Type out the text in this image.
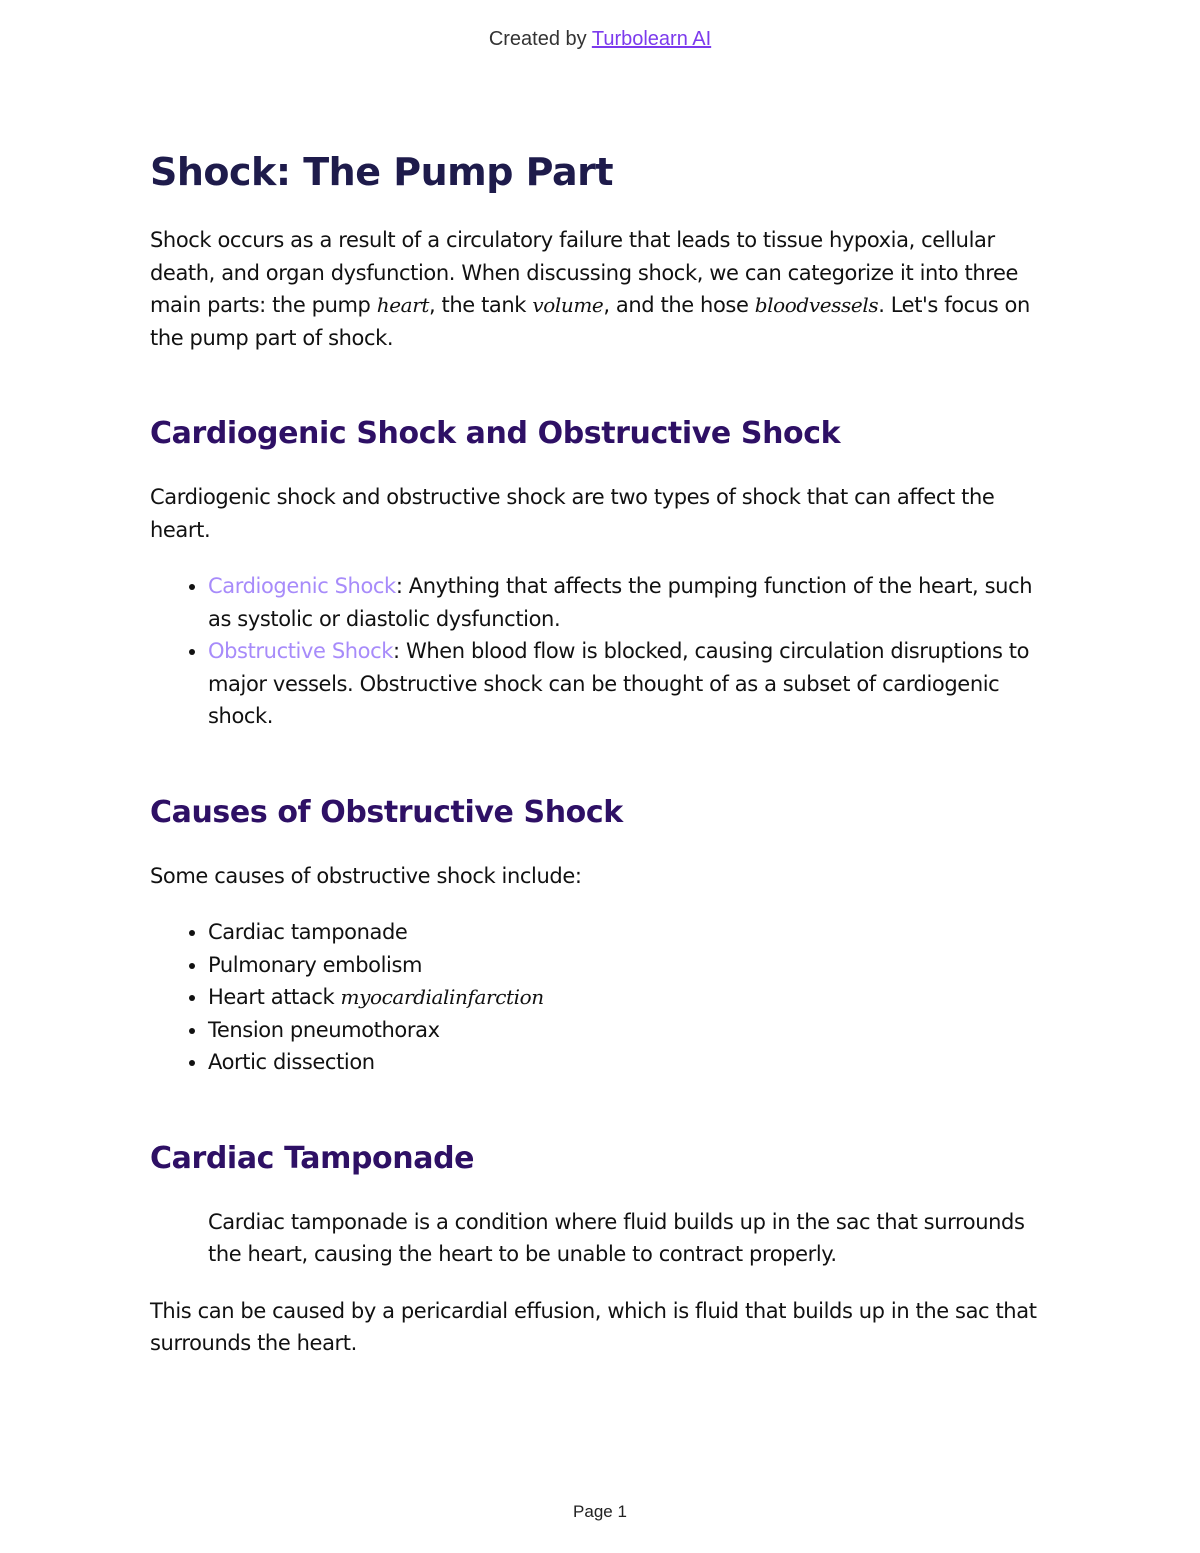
Created by Turbolearn AI
Shock: The Pump Part

Shock occurs as a result of a circulatory failure that leads to tissue hypoxia, cellular death, and organ dysfunction. When discussing shock, we can categorize it into three main parts: the pump heart, the tank volume, and the hose bloodvessels. Let's focus on the pump part of shock.

Cardiogenic Shock and Obstructive Shock

Cardiogenic shock and obstructive shock are two types of shock that can affect the heart.

• Cardiogenic Shock: Anything that affects the pumping function of the heart, such as systolic or diastolic dysfunction.
• Obstructive Shock: When blood flow is blocked, causing circulation disruptions to major vessels. Obstructive shock can be thought of as a subset of cardiogenic shock.
Causes of Obstructive Shock

Some causes of obstructive shock include:

• Cardiac tamponade
• Pulmonary embolism
• Heart attack myocardialinfarction
• Tension pneumothorax
• Aortic dissection
Cardiac Tamponade

Cardiac tamponade is a condition where fluid builds up in the sac that surrounds the heart, causing the heart to be unable to contract properly.

This can be caused by a pericardial effusion, which is fluid that builds up in the sac that surrounds the heart.

Page 1
